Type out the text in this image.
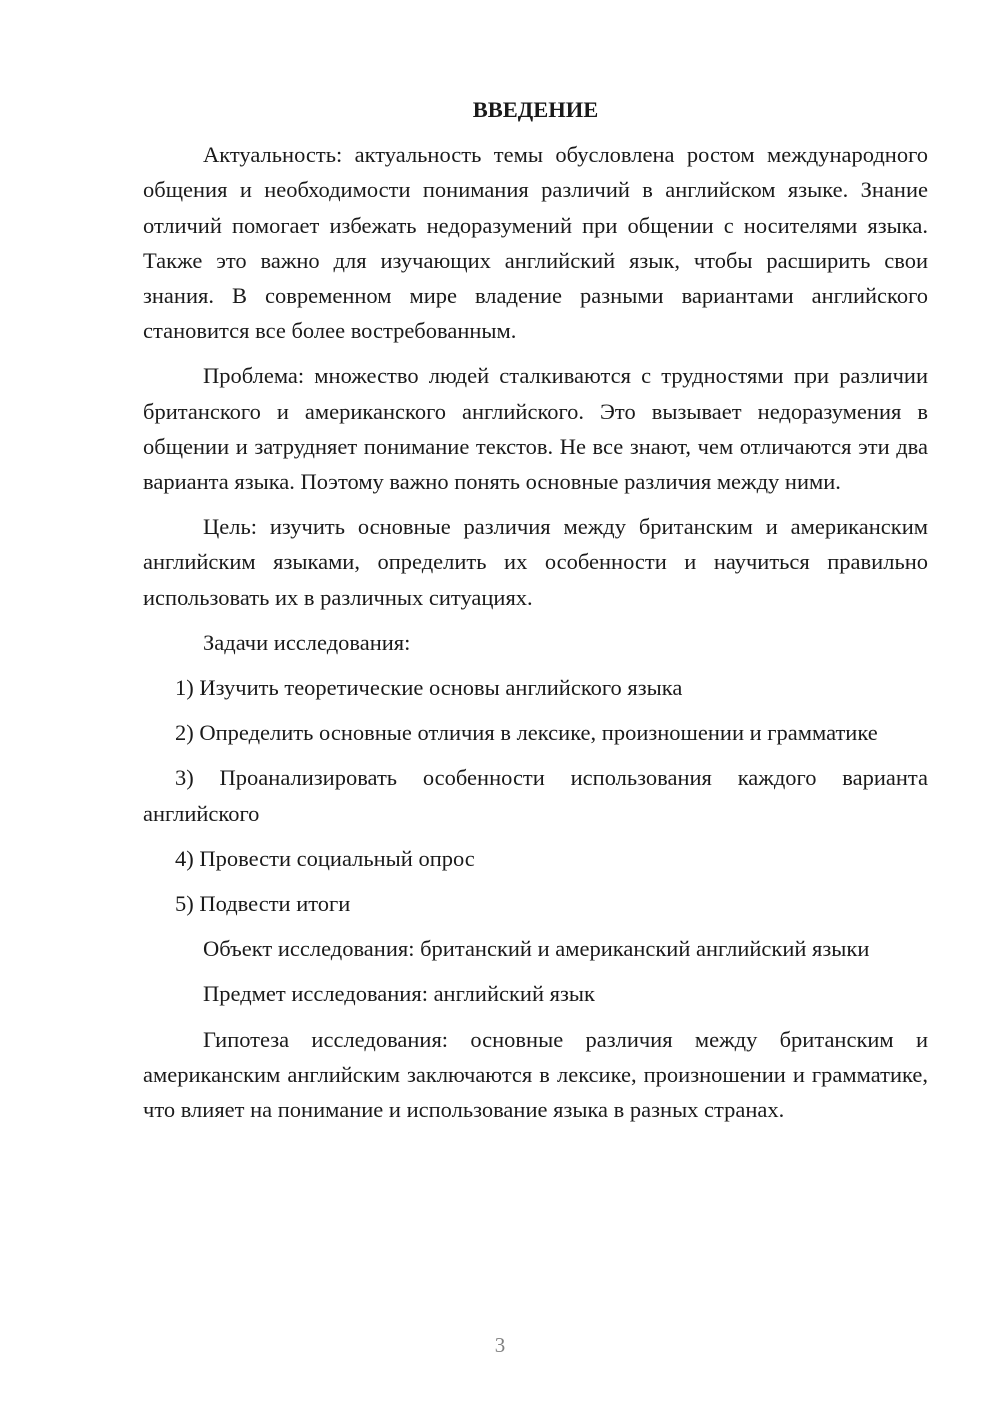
ВВЕДЕНИЕ

Актуальность: актуальность темы обусловлена ростом международного общения и необходимости понимания различий в английском языке. Знание отличий помогает избежать недоразумений при общении с носителями языка. Также это важно для изучающих английский язык, чтобы расширить свои знания. В современном мире владение разными вариантами английского становится все более востребованным.

Проблема: множество людей сталкиваются с трудностями при различии британского и американского английского. Это вызывает недоразумения в общении и затрудняет понимание текстов. Не все знают, чем отличаются эти два варианта языка. Поэтому важно понять основные различия между ними.

Цель: изучить основные различия между британским и американским английским языками, определить их особенности и научиться правильно использовать их в различных ситуациях.

Задачи исследования:

1) Изучить теоретические основы английского языка

2) Определить основные отличия в лексике, произношении и грамматике

3) Проанализировать особенности использования каждого варианта английского

4) Провести социальный опрос

5) Подвести итоги

Объект исследования: британский и американский английский языки

Предмет исследования: английский язык

Гипотеза исследования: основные различия между британским и американским английским заключаются в лексике, произношении и грамматике, что влияет на понимание и использование языка в разных странах.

3
